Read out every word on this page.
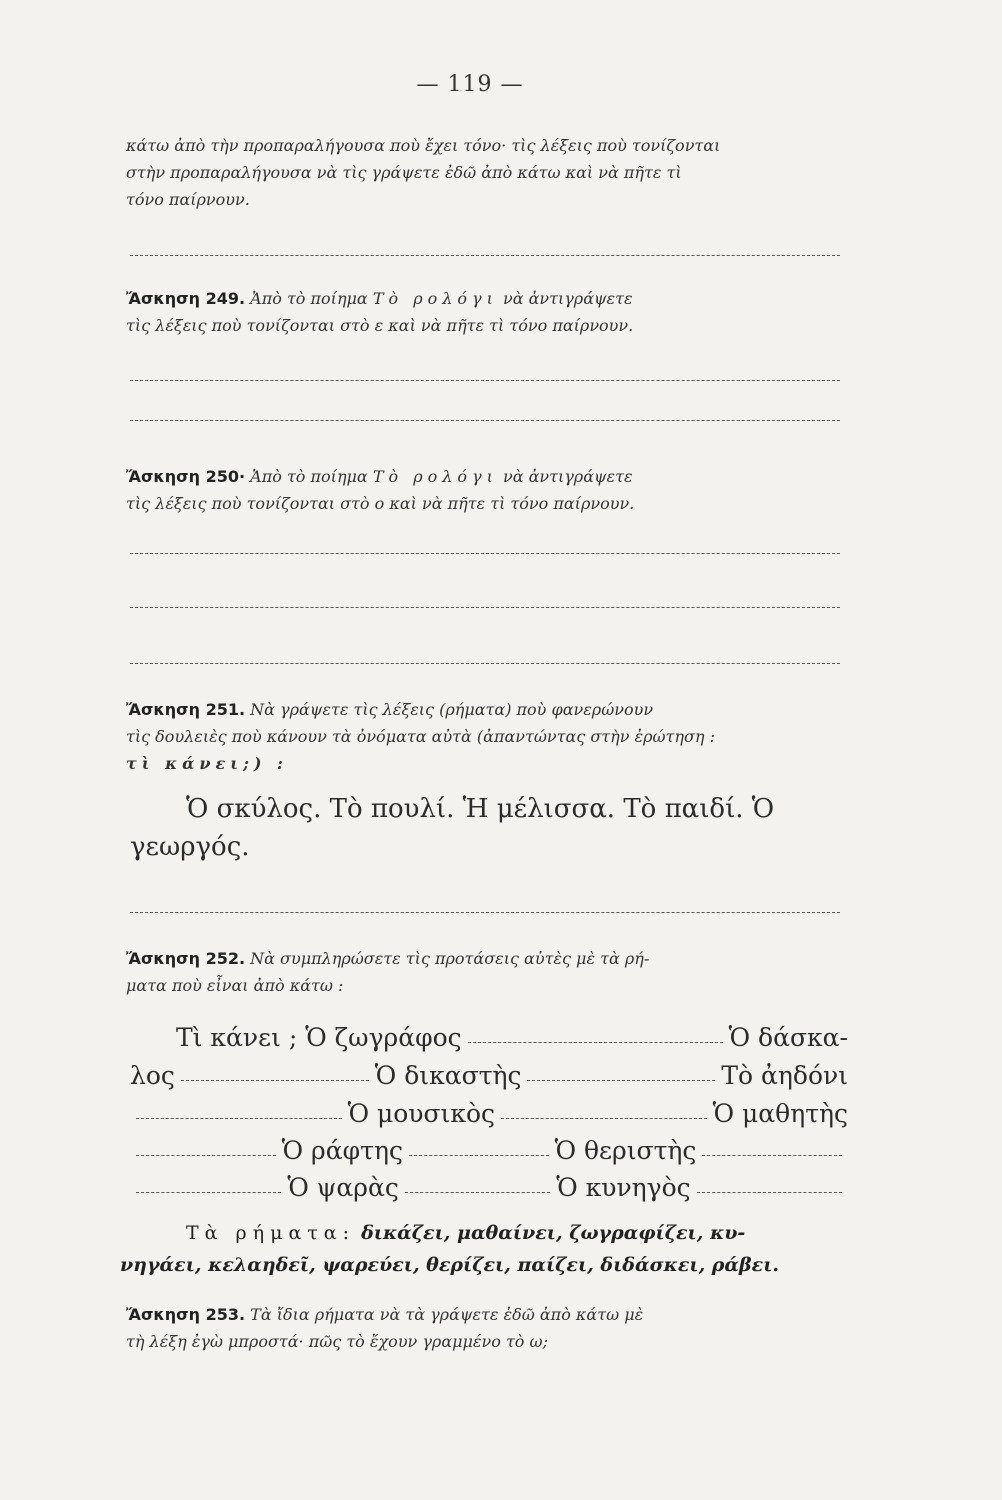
— 119 —
κάτω ἀπὸ τὴν προπαραλήγουσα ποὺ ἔχει τόνο· τὶς λέξεις ποὺ τονίζονται
στὴν προπαραλήγουσα νὰ τὶς γράψετε ἐδῶ ἀπὸ κάτω καὶ νὰ πῆτε τὶ
τόνο παίρνουν.
Ἄσκηση 249. Ἀπὸ τὸ ποίημα Τὸ ρολόγι νὰ ἀντιγράψετε
τὶς λέξεις ποὺ τονίζονται στὸ ε καὶ νὰ πῆτε τὶ τόνο παίρνουν.
Ἄσκηση 250· Ἀπὸ τὸ ποίημα Τὸ ρολόγι νὰ ἀντιγράψετε
τὶς λέξεις ποὺ τονίζονται στὸ ο καὶ νὰ πῆτε τὶ τόνο παίρνουν.
Ἄσκηση 251. Νὰ γράψετε τὶς λέξεις (ρήματα) ποὺ φανερώνουν
τὶς δουλειὲς ποὺ κάνουν τὰ ὀνόματα αὐτὰ (ἀπαντώντας στὴν ἐρώτηση :
τὶ κάνει;) :
Ὁ σκύλος. Τὸ πουλί. Ἡ μέλισσα. Τὸ παιδί. Ὁ
γεωργός.
Ἄσκηση 252. Νὰ συμπληρώσετε τὶς προτάσεις αὐτὲς μὲ τὰ ρή-
ματα ποὺ εἶναι ἀπὸ κάτω :
Τὶ κάνει ; Ὁ ζωγράφος	Ὁ δάσκα-
λος	Ὁ δικαστὴς	Τὸ ἀηδόνι
Ὁ μουσικὸς	Ὁ μαθητὴς
Ὁ ράφτης	Ὁ θεριστὴς
Ὁ ψαρὰς	Ὁ κυνηγὸς
Τὰ ρήματα: δικάζει, μαθαίνει, ζωγραφίζει, κυ-
νηγάει, κελαηδεῖ, ψαρεύει, θερίζει, παίζει, διδάσκει, ράβει.
Ἄσκηση 253. Τὰ ἴδια ρήματα νὰ τὰ γράψετε ἐδῶ ἀπὸ κάτω μὲ
τὴ λέξη ἐγὼ μπροστά· πῶς τὸ ἔχουν γραμμένο τὸ ω;
